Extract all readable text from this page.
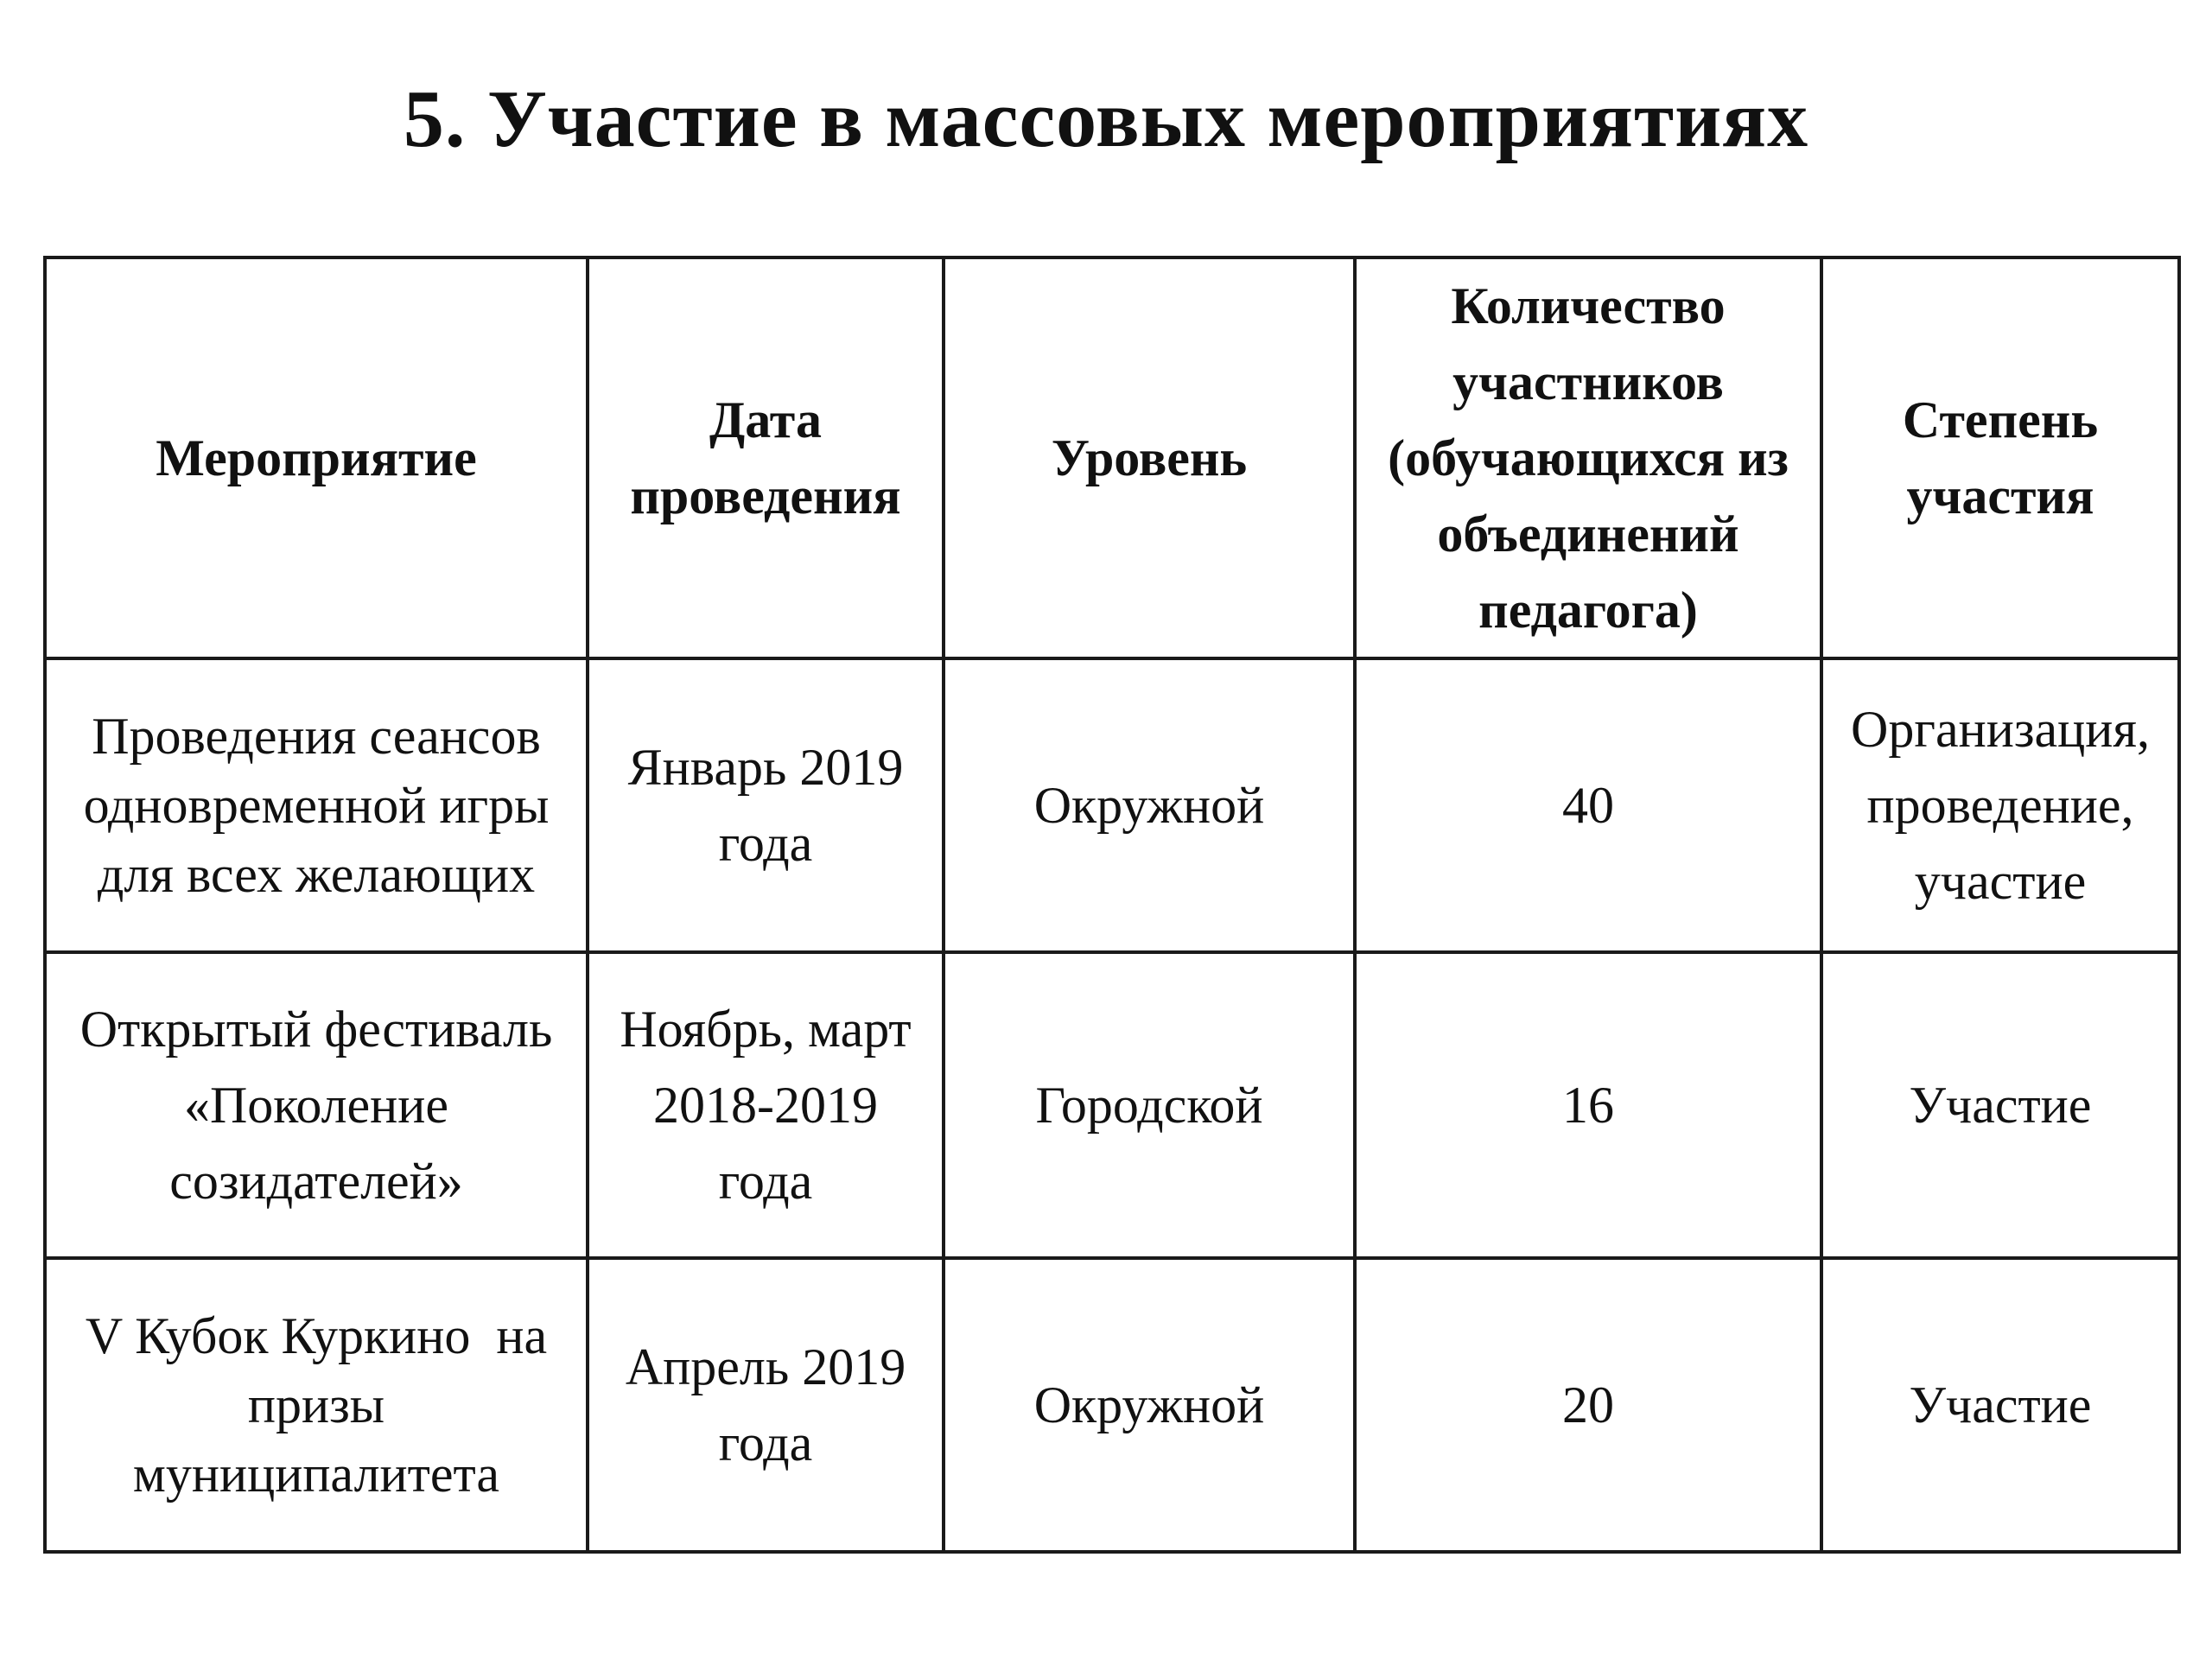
5. Участие в массовых мероприятиях
Мероприятие	Дата проведения	Уровень	Количество участников (обучающихся из объединений педагога)	Степень участия
Проведения сеансов одновременной игры для всех желающих	Январь 2019 года	Окружной	40	Организация, проведение, участие
Открытый фестиваль «Поколение созидателей»	Ноябрь, март 2018-2019 года	Городской	16	Участие
V Кубок Куркино  на призы муниципалитета	Апрель 2019 года	Окружной	20	Участие
